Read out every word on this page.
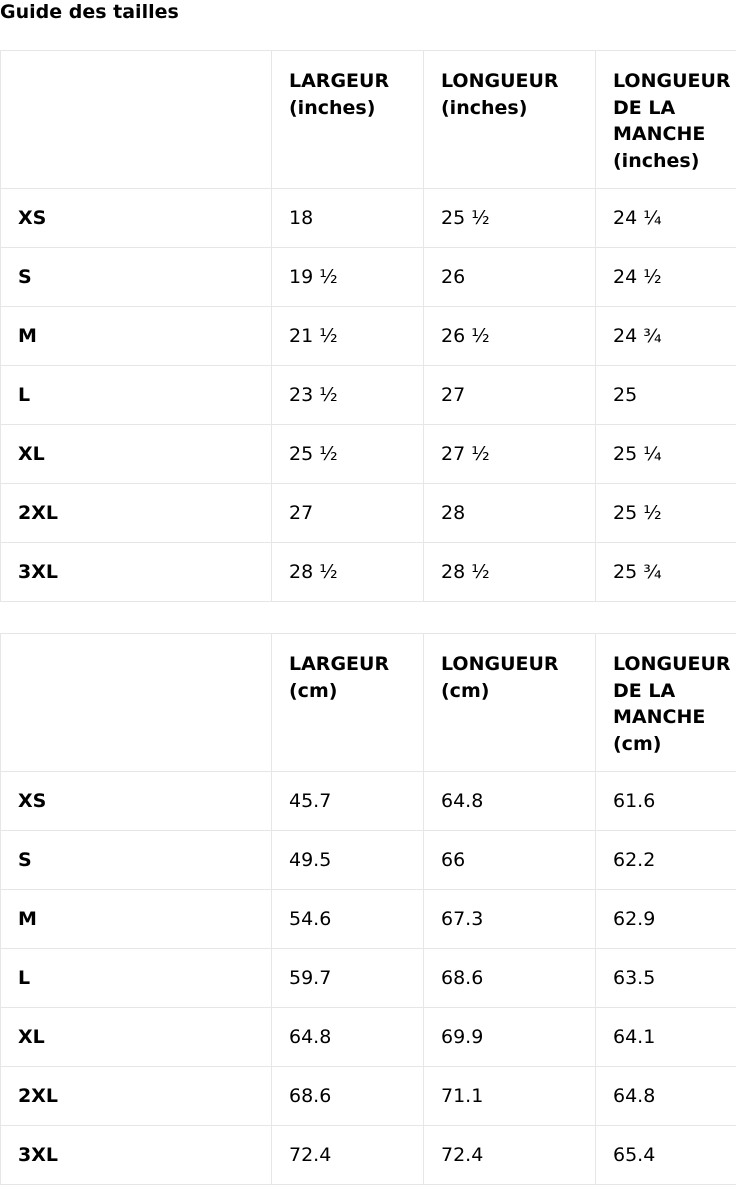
Guide des tailles
	LARGEUR (inches)	LONGUEUR (inches)	LONGUEUR DE LA MANCHE (inches)
XS	18	25 ½	24 ¼
S	19 ½	26	24 ½
M	21 ½	26 ½	24 ¾
L	23 ½	27	25
XL	25 ½	27 ½	25 ¼
2XL	27	28	25 ½
3XL	28 ½	28 ½	25 ¾
	LARGEUR (cm)	LONGUEUR (cm)	LONGUEUR DE LA MANCHE (cm)
XS	45.7	64.8	61.6
S	49.5	66	62.2
M	54.6	67.3	62.9
L	59.7	68.6	63.5
XL	64.8	69.9	64.1
2XL	68.6	71.1	64.8
3XL	72.4	72.4	65.4
